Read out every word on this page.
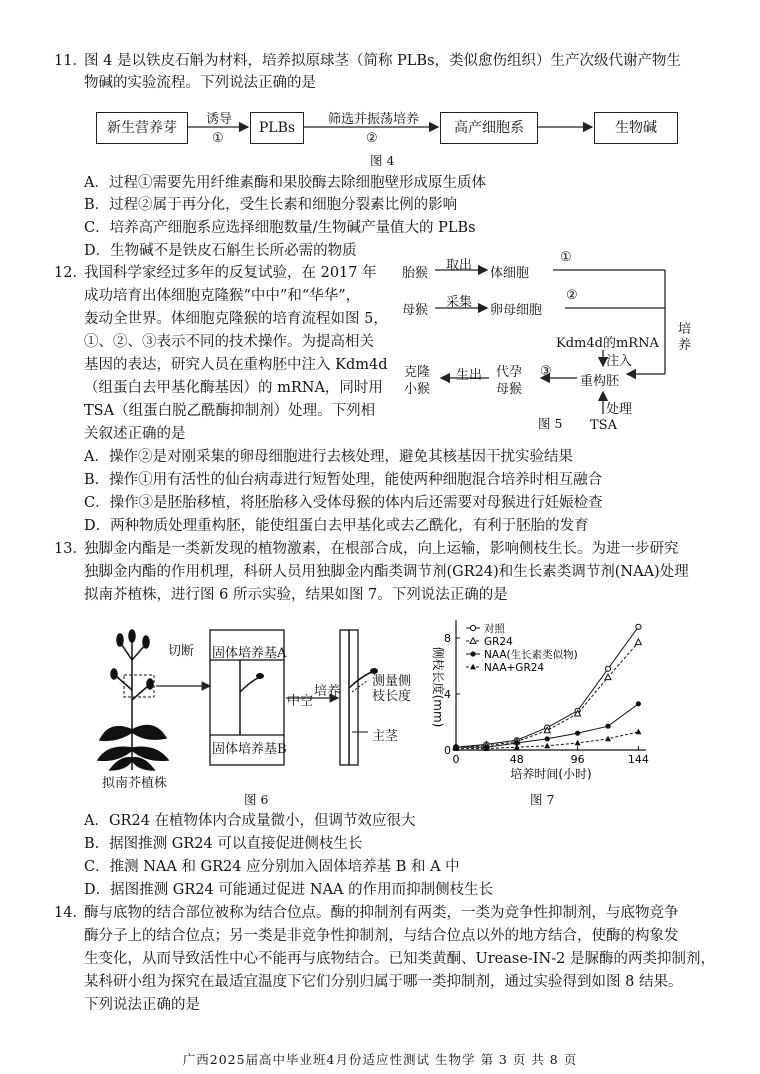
11．
图 4 是以铁皮石斛为材料，培养拟原球茎（简称 PLBs，类似愈伤组织）生产次级代谢产物生
物碱的实验流程。下列说法正确的是
新生营养芽	PLBs	高产细胞系	生物碱
诱导
①
筛选并振荡培养
②
图 4
A．过程①需要先用纤维素酶和果胶酶去除细胞壁形成原生质体
B．过程②属于再分化，受生长素和细胞分裂素比例的影响
C．培养高产细胞系应选择细胞数量/生物碱产量值大的 PLBs
D．生物碱不是铁皮石斛生长所必需的物质
12．
我国科学家经过多年的反复试验，在 2017 年
成功培育出体细胞克隆猴“中中”和“华华”，
轰动全世界。体细胞克隆猴的培育流程如图 5，
①、②、③表示不同的技术操作。为提高相关
基因的表达，研究人员在重构胚中注入 Kdm4d
（组蛋白去甲基化酶基因）的 mRNA，同时用
TSA（组蛋白脱乙酰酶抑制剂）处理。下列相
关叙述正确的是
胎猴
取出
体细胞
①
母猴
采集
卵母细胞
②
培养
Kdm4d的mRNA
注入
重构胚
③
代孕母猴
生出
克隆小猴
处理
TSA
图 5
A．操作②是对刚采集的卵母细胞进行去核处理，避免其核基因干扰实验结果
B．操作①用有活性的仙台病毒进行短暂处理，能使两种细胞混合培养时相互融合
C．操作③是胚胎移植，将胚胎移入受体母猴的体内后还需要对母猴进行妊娠检查
D．两种物质处理重构胚，能使组蛋白去甲基化或去乙酰化，有利于胚胎的发育
13．
独脚金内酯是一类新发现的植物激素，在根部合成，向上运输，影响侧枝生长。为进一步研究
独脚金内酯的作用机理，科研人员用独脚金内酯类调节剂(GR24)和生长素类调节剂(NAA)处理
拟南芥植株，进行图 6 所示实验，结果如图 7。下列说法正确的是
切断 固体培养基A
固体培养基B
中空
培养
测量侧枝长度
主茎
拟南芥植株
图 6
0	48	96	144
0
4
8
培养时间(小时)
侧枝长度(mm)
对照
GR24
NAA(生长素类似物)
NAA+GR24
图 7
A．GR24 在植物体内合成量微小，但调节效应很大
B．据图推测 GR24 可以直接促进侧枝生长
C．推测 NAA 和 GR24 应分别加入固体培养基 B 和 A 中
D．据图推测 GR24 可能通过促进 NAA 的作用而抑制侧枝生长
14．
酶与底物的结合部位被称为结合位点。酶的抑制剂有两类，一类为竞争性抑制剂，与底物竞争
酶分子上的结合位点；另一类是非竞争性抑制剂，与结合位点以外的地方结合，使酶的构象发
生变化，从而导致活性中心不能再与底物结合。已知类黄酮、Urease-IN-2 是脲酶的两类抑制剂，
某科研小组为探究在最适宜温度下它们分别归属于哪一类抑制剂，通过实验得到如图 8 结果。
下列说法正确的是
广西2025届高中毕业班4月份适应性测试 生物学 第 3 页 共 8 页
